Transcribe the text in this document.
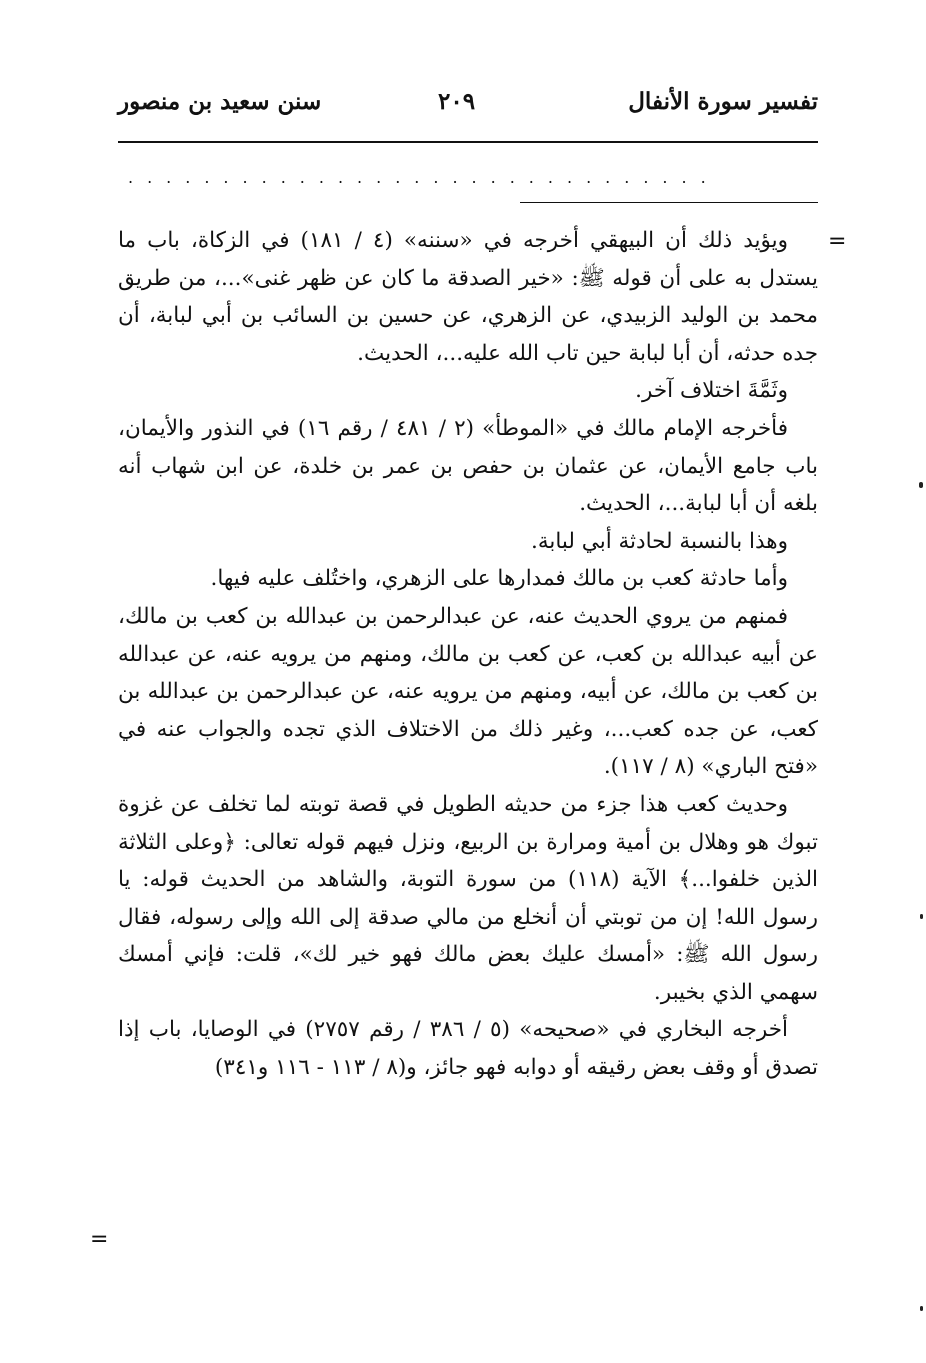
تفسير سورة الأنفال
٢٠٩
سنن سعيد بن منصور
...............................
=
=

ويؤيد ذلك أن البيهقي أخرجه في «سننه» (٤ / ١٨١) في الزكاة، باب ما يستدل به على أن قوله ﷺ: «خير الصدقة ما كان عن ظهر غنى»...، من طريق محمد بن الوليد الزبيدي، عن الزهري، عن حسين بن السائب بن أبي لبابة، أن جده حدثه، أن أبا لبابة حين تاب الله عليه...، الحديث.

وثَمَّةَ اختلاف آخر.

فأخرجه الإمام مالك في «الموطأ» (٢ / ٤٨١ / رقم ١٦) في النذور والأيمان، باب جامع الأيمان، عن عثمان بن حفص بن عمر بن خلدة، عن ابن شهاب أنه بلغه أن أبا لبابة...، الحديث.

وهذا بالنسبة لحادثة أبي لبابة.

وأما حادثة كعب بن مالك فمدارها على الزهري، واختُلف عليه فيها.

فمنهم من يروي الحديث عنه، عن عبدالرحمن بن عبدالله بن كعب بن مالك، عن أبيه عبدالله بن كعب، عن كعب بن مالك، ومنهم من يرويه عنه، عن عبدالله بن كعب بن مالك، عن أبيه، ومنهم من يرويه عنه، عن عبدالرحمن بن عبدالله بن كعب، عن جده كعب...، وغير ذلك من الاختلاف الذي تجده والجواب عنه في «فتح الباري» (٨ / ١١٧).

وحديث كعب هذا جزء من حديثه الطويل في قصة توبته لما تخلف عن غزوة تبوك هو وهلال بن أمية ومرارة بن الربيع، ونزل فيهم قوله تعالى: ﴿وعلى الثلاثة الذين خلفوا...﴾ الآية (١١٨) من سورة التوبة، والشاهد من الحديث قوله: يا رسول الله! إن من توبتي أن أنخلع من مالي صدقة إلى الله وإلى رسوله، فقال رسول الله ﷺ: «أمسك عليك بعض مالك فهو خير لك»، قلت: فإني أمسك سهمي الذي بخيبر.

أخرجه البخاري في «صحيحه» (٥ / ٣٨٦ / رقم ٢٧٥٧) في الوصايا، باب إذا تصدق أو وقف بعض رقيقه أو دوابه فهو جائز، و(٨ / ١١٣ - ١١٦ و٣٤١)
